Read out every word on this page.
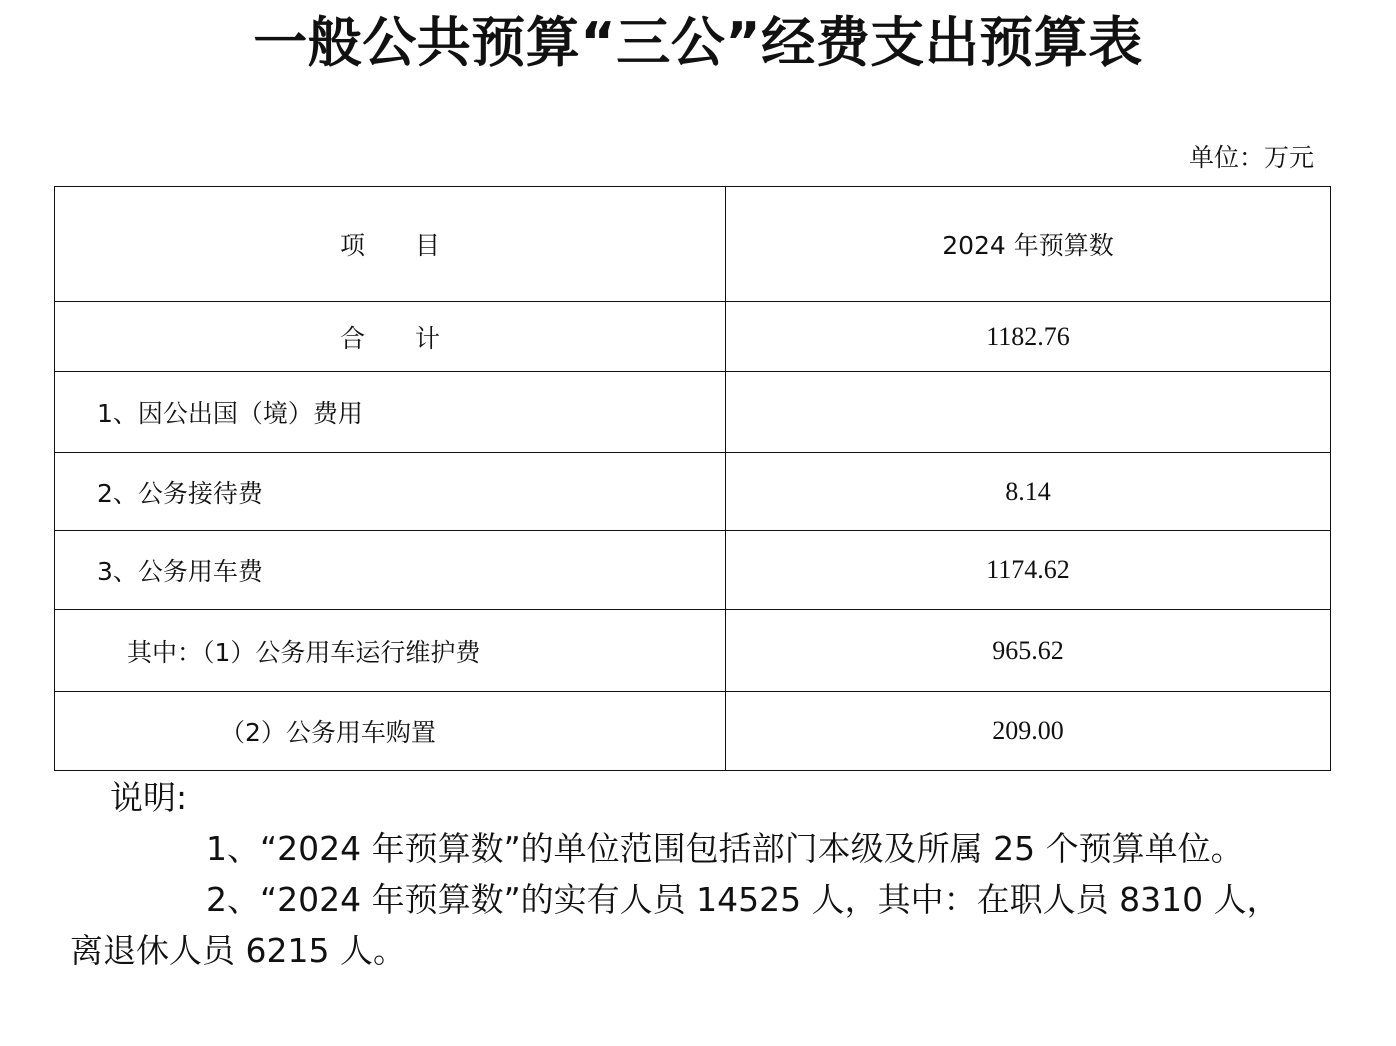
一般公共预算“三公”经费支出预算表
单位：万元
项　　目	2024 年预算数
合　　计	1182.76
1、因公出国（境）费用	
2、公务接待费	8.14
3、公务用车费	1174.62
其中：（1）公务用车运行维护费	965.62
（2）公务用车购置	209.00
说明:
1、“2024 年预算数”的单位范围包括部门本级及所属 25 个预算单位。
2、“2024 年预算数”的实有人员 14525 人，其中：在职人员 8310 人，离退休人员 6215 人。
